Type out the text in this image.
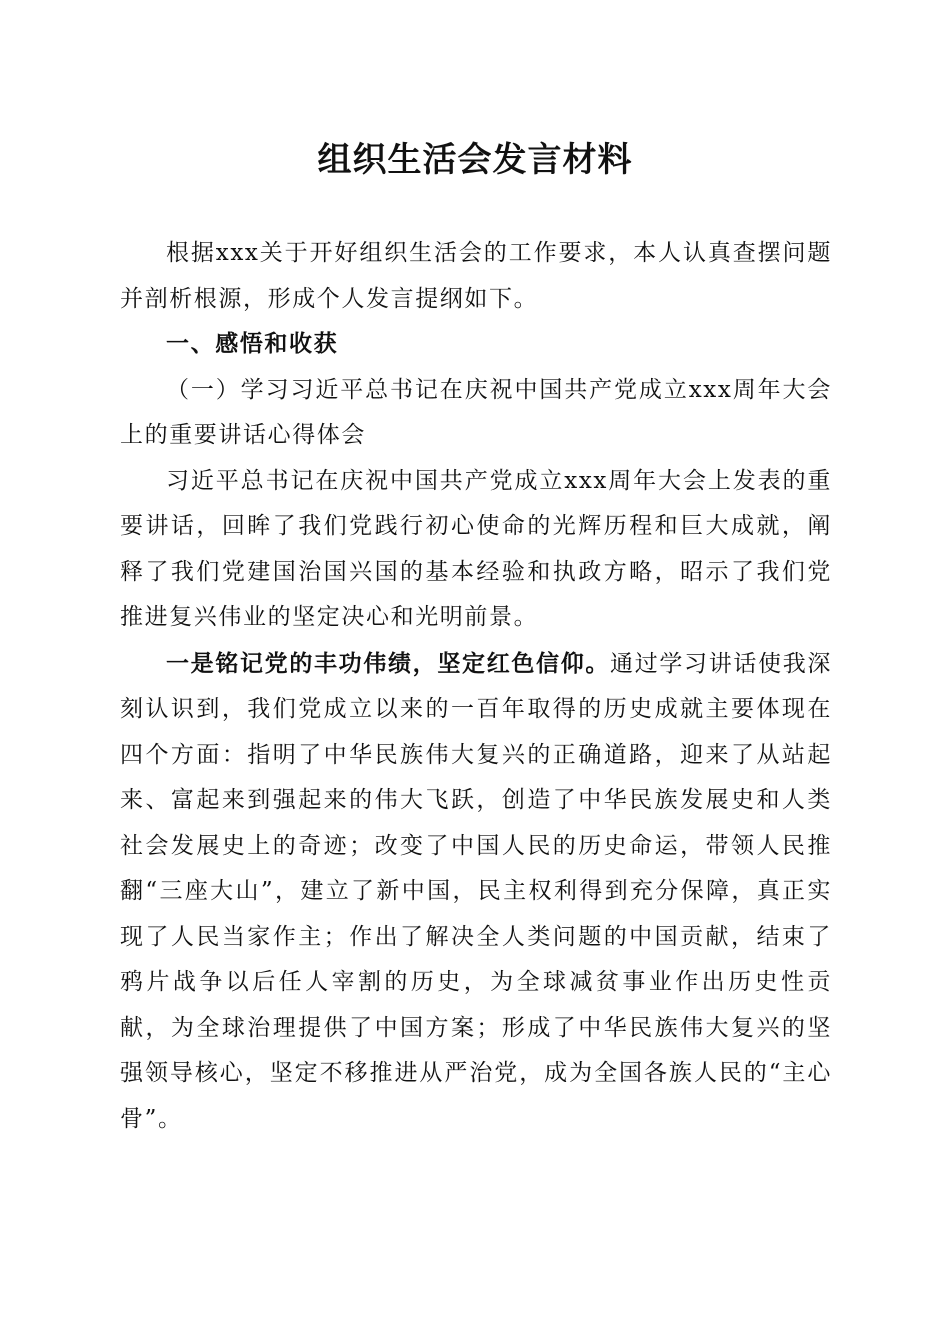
组织生活会发言材料

根据xxx关于开好组织生活会的工作要求，本人认真查摆问题并剖析根源，形成个人发言提纲如下。

一、感悟和收获

（一）学习习近平总书记在庆祝中国共产党成立xxx周年大会上的重要讲话心得体会

习近平总书记在庆祝中国共产党成立xxx周年大会上发表的重要讲话，回眸了我们党践行初心使命的光辉历程和巨大成就，阐释了我们党建国治国兴国的基本经验和执政方略，昭示了我们党推进复兴伟业的坚定决心和光明前景。

一是铭记党的丰功伟绩，坚定红色信仰。通过学习讲话使我深刻认识到，我们党成立以来的一百年取得的历史成就主要体现在四个方面：指明了中华民族伟大复兴的正确道路，迎来了从站起来、富起来到强起来的伟大飞跃，创造了中华民族发展史和人类社会发展史上的奇迹；改变了中国人民的历史命运，带领人民推翻“三座大山”，建立了新中国，民主权利得到充分保障，真正实现了人民当家作主；作出了解决全人类问题的中国贡献，结束了鸦片战争以后任人宰割的历史，为全球减贫事业作出历史性贡献，为全球治理提供了中国方案；形成了中华民族伟大复兴的坚强领导核心，坚定不移推进从严治党，成为全国各族人民的“主心骨”。
